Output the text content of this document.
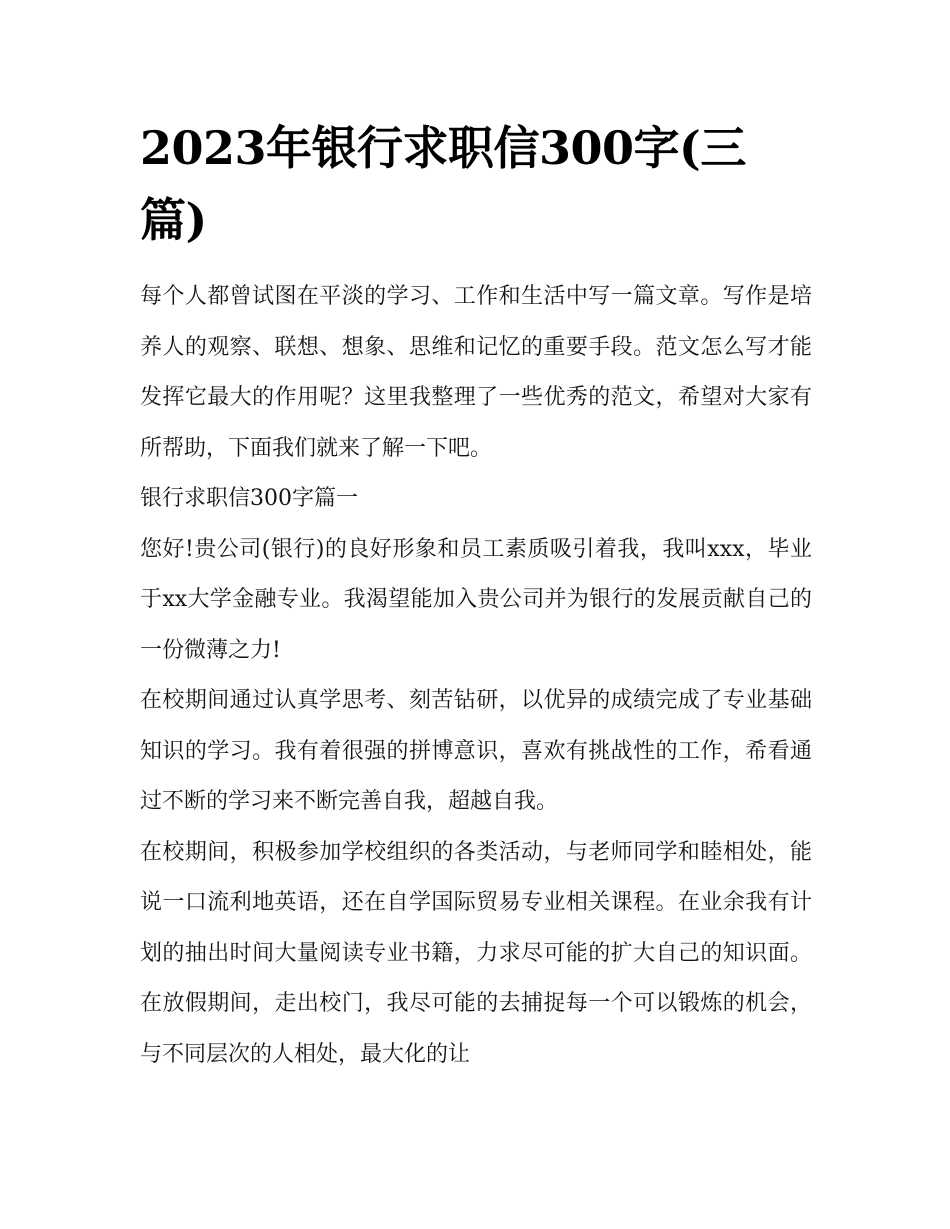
2023年银行求职信300字(三篇)

每个人都曾试图在平淡的学习、工作和生活中写一篇文章。写作是培养人的观察、联想、想象、思维和记忆的重要手段。范文怎么写才能发挥它最大的作用呢？这里我整理了一些优秀的范文，希望对大家有所帮助，下面我们就来了解一下吧。

银行求职信300字篇一

您好!贵公司(银行)的良好形象和员工素质吸引着我，我叫xxx，毕业于xx大学金融专业。我渴望能加入贵公司并为银行的发展贡献自己的一份微薄之力!

在校期间通过认真学思考、刻苦钻研，以优异的成绩完成了专业基础知识的学习。我有着很强的拼博意识，喜欢有挑战性的工作，希看通过不断的学习来不断完善自我，超越自我。

在校期间，积极参加学校组织的各类活动，与老师同学和睦相处，能说一口流利地英语，还在自学国际贸易专业相关课程。在业余我有计划的抽出时间大量阅读专业书籍，力求尽可能的扩大自己的知识面。在放假期间，走出校门，我尽可能的去捕捉每一个可以锻炼的机会，与不同层次的人相处，最大化的让
